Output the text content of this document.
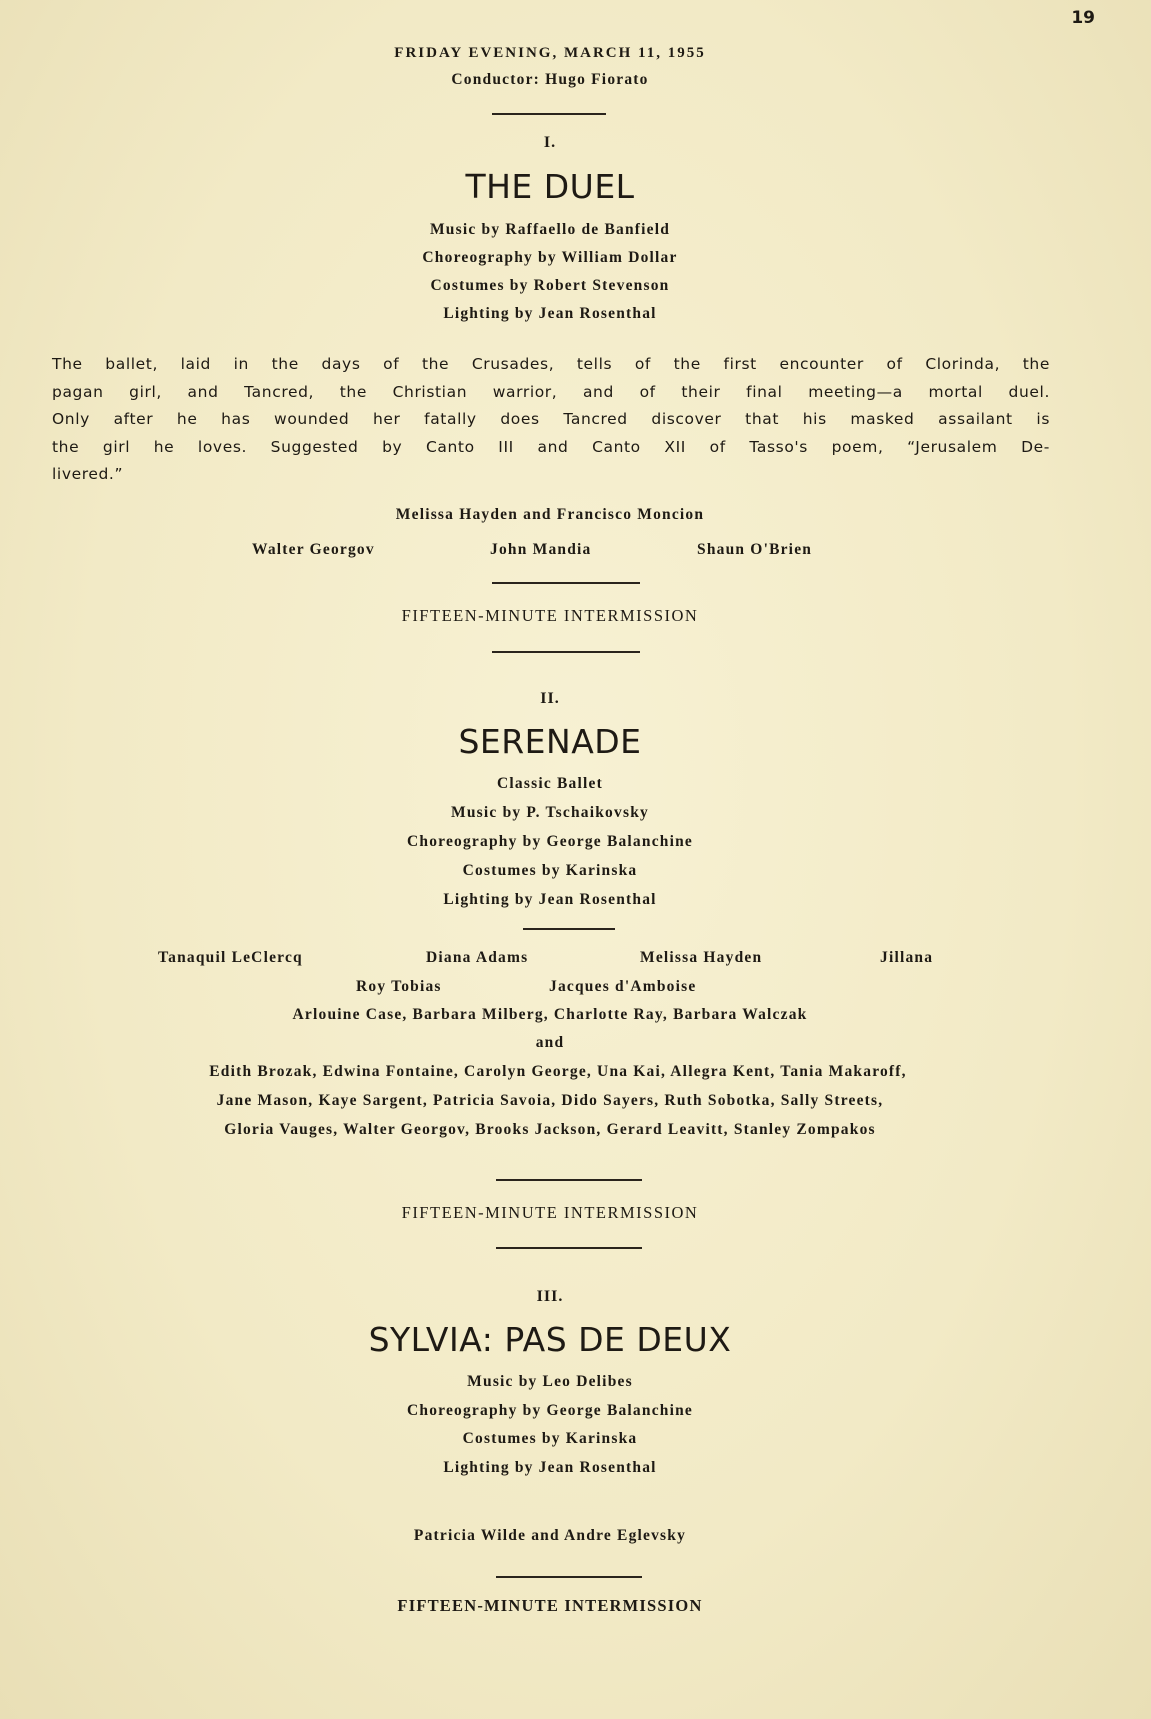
19
FRIDAY EVENING, MARCH 11, 1955
Conductor: Hugo Fiorato
I.
THE DUEL
Music by Raffaello de Banfield
Choreography by William Dollar
Costumes by Robert Stevenson
Lighting by Jean Rosenthal
The ballet, laid in the days of the Crusades, tells of the first encounter of Clorinda, the
pagan girl, and Tancred, the Christian warrior, and of their final meeting—a mortal duel.
Only after he has wounded her fatally does Tancred discover that his masked assailant is
the girl he loves. Suggested by Canto III and Canto XII of Tasso's poem, “Jerusalem De-
livered.”
Melissa Hayden and Francisco Moncion
Walter Georgov	John Mandia	Shaun O'Brien
FIFTEEN-MINUTE INTERMISSION
II.
SERENADE
Classic Ballet
Music by P. Tschaikovsky
Choreography by George Balanchine
Costumes by Karinska
Lighting by Jean Rosenthal
Tanaquil LeClercq	Diana Adams	Melissa Hayden	Jillana
Roy Tobias	Jacques d'Amboise
Arlouine Case, Barbara Milberg, Charlotte Ray, Barbara Walczak
and
Edith Brozak, Edwina Fontaine, Carolyn George, Una Kai, Allegra Kent, Tania Makaroff,
Jane Mason, Kaye Sargent, Patricia Savoia, Dido Sayers, Ruth Sobotka, Sally Streets,
Gloria Vauges, Walter Georgov, Brooks Jackson, Gerard Leavitt, Stanley Zompakos
FIFTEEN-MINUTE INTERMISSION
III.
SYLVIA: PAS DE DEUX
Music by Leo Delibes
Choreography by George Balanchine
Costumes by Karinska
Lighting by Jean Rosenthal
Patricia Wilde and Andre Eglevsky
FIFTEEN-MINUTE INTERMISSION
